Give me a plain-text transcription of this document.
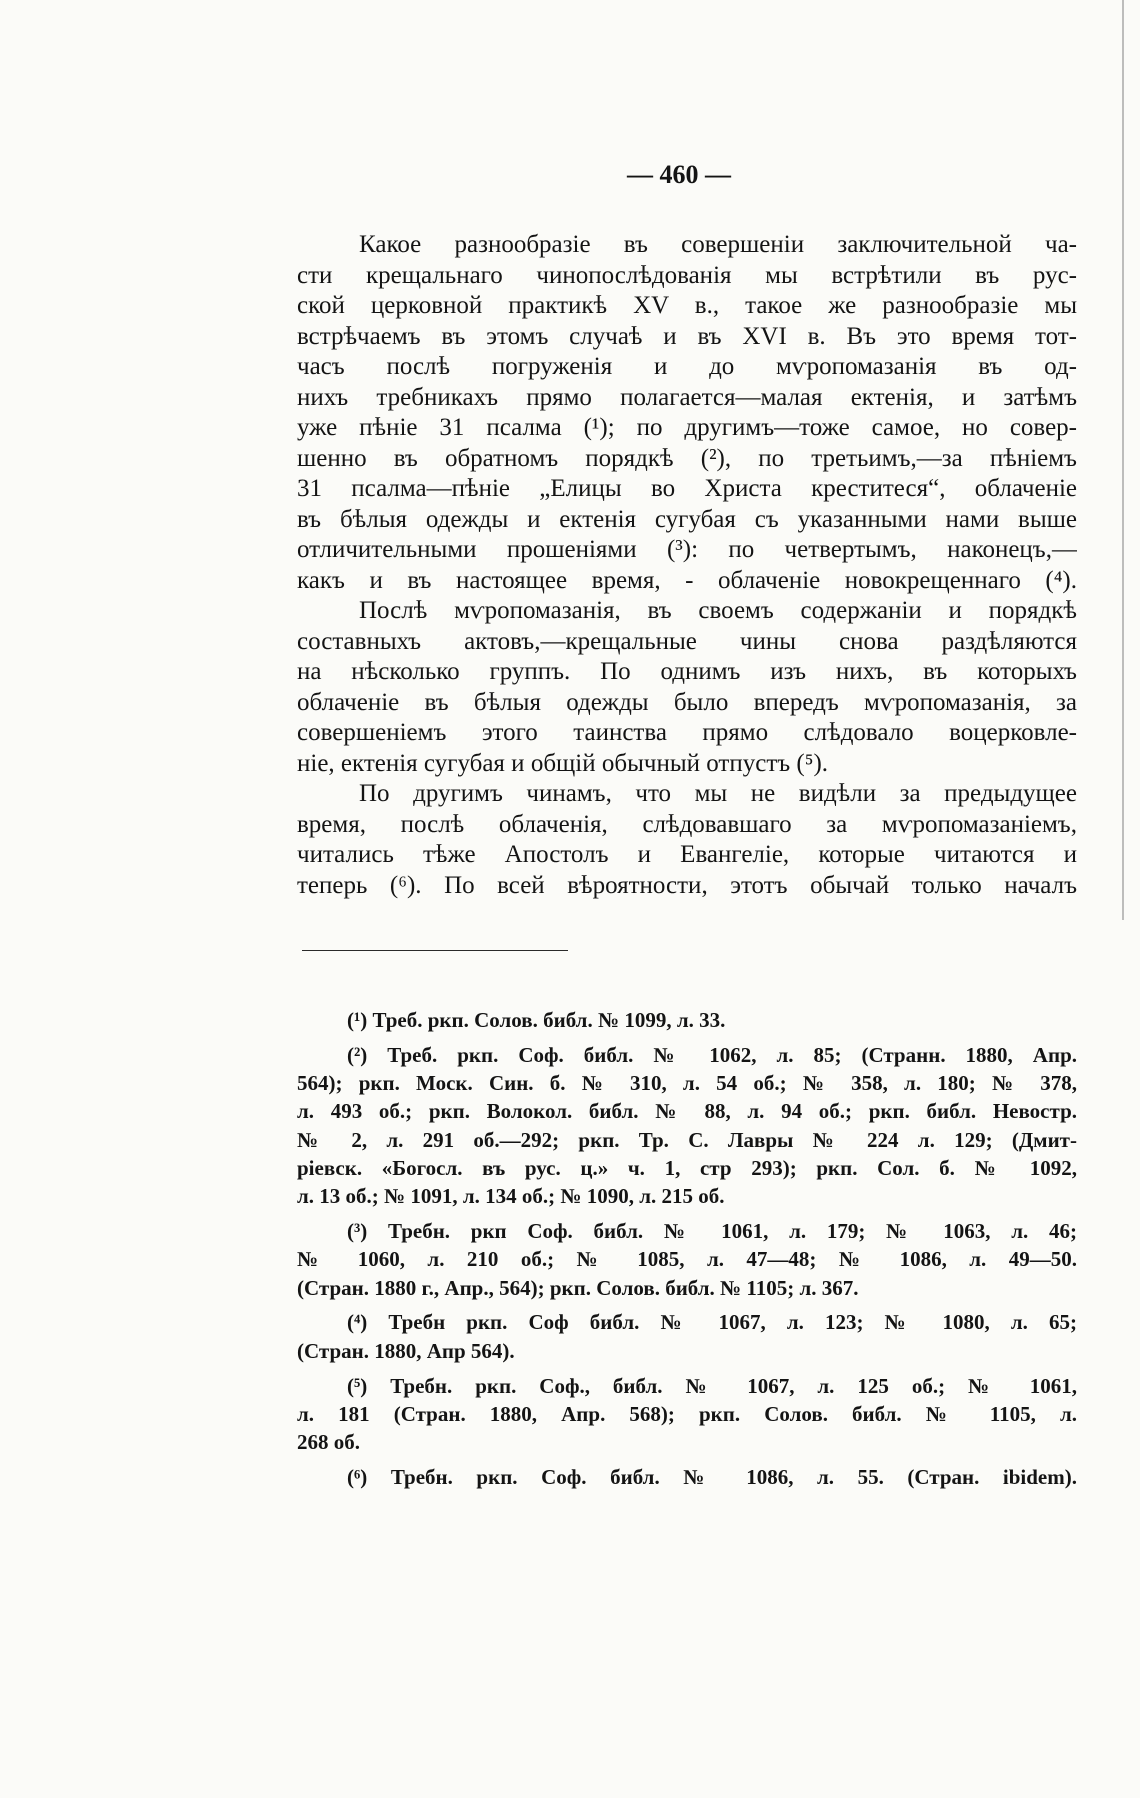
— 460 —
Какое разнообразіе въ совершеніи заключительной ча-
сти крещальнаго чинопослѣдованія мы встрѣтили въ рус-
ской церковной практикѣ XV в., такое же разнообразіе мы
встрѣчаемъ въ этомъ случаѣ и въ XVI в. Въ это время тот-
часъ послѣ погруженія и до мѵропомазанія въ од-
нихъ требникахъ прямо полагается—малая ектенія, и затѣмъ
уже пѣніе 31 псалма (¹); по другимъ—тоже самое, но совер-
шенно въ обратномъ порядкѣ (²), по третьимъ,—за пѣніемъ
31 псалма—пѣніе „Елицы во Христа креститеся“, облаченіе
въ бѣлыя одежды и ектенія сугубая съ указанными нами выше
отличительными прошеніями (³): по четвертымъ, наконецъ,—
какъ и въ настоящее время, - облаченіе новокрещеннаго (⁴).
Послѣ мѵропомазанія, въ своемъ содержаніи и порядкѣ
составныхъ актовъ,—крещальные чины снова раздѣляются
на нѣсколько группъ. По однимъ изъ нихъ, въ которыхъ
облаченіе въ бѣлыя одежды было впередъ мѵропомазанія, за
совершеніемъ этого таинства прямо слѣдовало воцерковле-
ніе, ектенія сугубая и общій обычный отпустъ (⁵).
По другимъ чинамъ, что мы не видѣли за предыдущее
время, послѣ облаченія, слѣдовавшаго за мѵропомазаніемъ,
читались тѣже Апостолъ и Евангеліе, которые читаются и
теперь (⁶). По всей вѣроятности, этотъ обычай только началъ
(¹) Треб. ркп. Солов. библ. № 1099, л. 33.
(²) Треб. ркп. Соф. библ. № 1062, л. 85; (Странн. 1880, Апр.
564); ркп. Моск. Син. б. № 310, л. 54 об.; № 358, л. 180; № 378,
л. 493 об.; ркп. Волокол. библ. № 88, л. 94 об.; ркп. библ. Невостр.
№ 2, л. 291 об.—292; ркп. Тр. С. Лавры № 224 л. 129; (Дмит-
ріевск. «Богосл. въ рус. ц.» ч. 1, стр 293); ркп. Сол. б. № 1092,
л. 13 об.; № 1091, л. 134 об.; № 1090, л. 215 об.
(³) Требн. ркп Соф. библ. № 1061, л. 179; № 1063, л. 46;
№ 1060, л. 210 об.; № 1085, л. 47—48; № 1086, л. 49—50.
(Стран. 1880 г., Апр., 564); ркп. Солов. библ. № 1105; л. 367.
(⁴) Требн ркп. Соф библ. № 1067, л. 123; № 1080, л. 65;
(Стран. 1880, Апр 564).
(⁵) Требн. ркп. Соф., библ. № 1067, л. 125 об.; № 1061,
л. 181 (Стран. 1880, Апр. 568); ркп. Солов. библ. № 1105, л.
268 об.
(⁶) Требн. ркп. Соф. библ. № 1086, л. 55. (Стран. ibidem).
